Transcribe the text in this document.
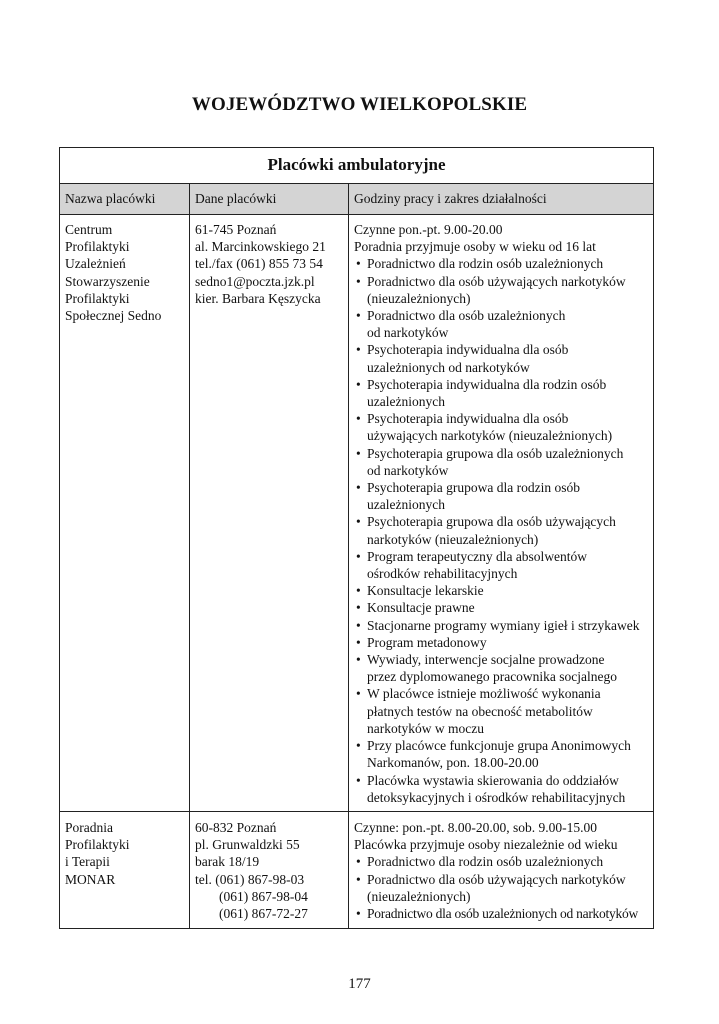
WOJEWÓDZTWO WIELKOPOLSKIE
Placówki ambulatoryjne
Nazwa placówki	Dane placówki	Godziny pracy i zakres działalności
Centrum
Profilaktyki
Uzależnień
Stowarzyszenie
Profilaktyki
Społecznej Sedno
61-745 Poznań
al. Marcinkowskiego 21
tel./fax (061) 855 73 54
sedno1@poczta.jzk.pl
kier. Barbara Kęszycka
Czynne pon.-pt. 9.00-20.00
Poradnia przyjmuje osoby w wieku od 16 lat
• Poradnictwo dla rodzin osób uzależnionych
• Poradnictwo dla osób używających narkotyków
(nieuzależnionych)
• Poradnictwo dla osób uzależnionych
od narkotyków
• Psychoterapia indywidualna dla osób
uzależnionych od narkotyków
• Psychoterapia indywidualna dla rodzin osób
uzależnionych
• Psychoterapia indywidualna dla osób
używających narkotyków (nieuzależnionych)
• Psychoterapia grupowa dla osób uzależnionych
od narkotyków
• Psychoterapia grupowa dla rodzin osób
uzależnionych
• Psychoterapia grupowa dla osób używających
narkotyków (nieuzależnionych)
• Program terapeutyczny dla absolwentów
ośrodków rehabilitacyjnych
• Konsultacje lekarskie
• Konsultacje prawne
• Stacjonarne programy wymiany igieł i strzykawek
• Program metadonowy
• Wywiady, interwencje socjalne prowadzone
przez dyplomowanego pracownika socjalnego
• W placówce istnieje możliwość wykonania
płatnych testów na obecność metabolitów
narkotyków w moczu
• Przy placówce funkcjonuje grupa Anonimowych
Narkomanów, pon. 18.00-20.00
• Placówka wystawia skierowania do oddziałów
detoksykacyjnych i ośrodków rehabilitacyjnych
Poradnia
Profilaktyki
i Terapii
MONAR
60-832 Poznań
pl. Grunwaldzki 55
barak 18/19
tel. (061) 867-98-03
(061) 867-98-04
(061) 867-72-27
Czynne: pon.-pt. 8.00-20.00, sob. 9.00-15.00
Placówka przyjmuje osoby niezależnie od wieku
• Poradnictwo dla rodzin osób uzależnionych
• Poradnictwo dla osób używających narkotyków
(nieuzależnionych)
• Poradnictwo dla osób uzależnionych od narkotyków
177
